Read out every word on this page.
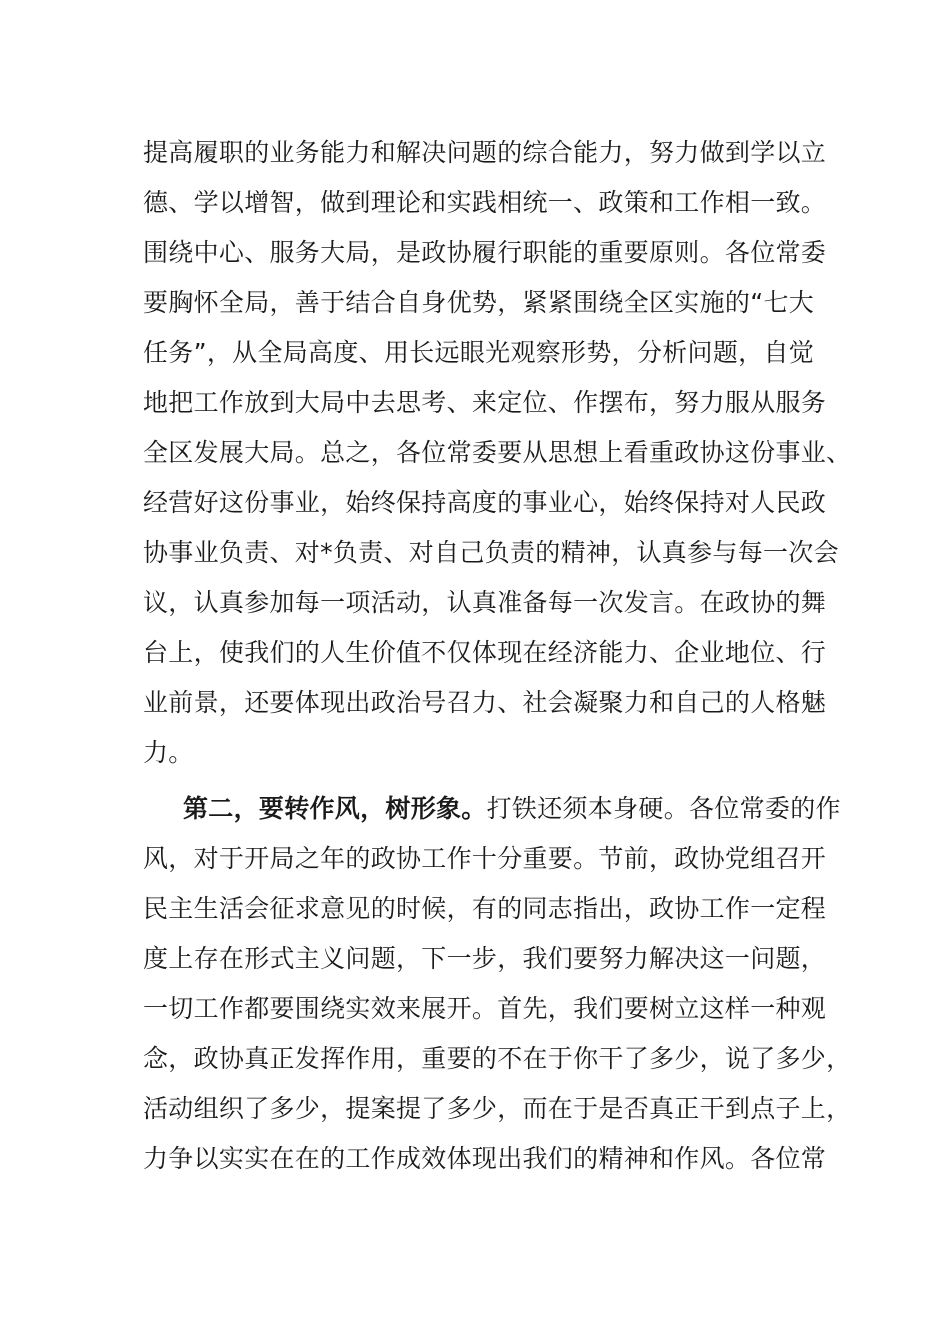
提高履职的业务能力和解决问题的综合能力，努力做到学以立
德、学以增智，做到理论和实践相统一、政策和工作相一致。
围绕中心、服务大局，是政协履行职能的重要原则。各位常委
要胸怀全局，善于结合自身优势，紧紧围绕全区实施的“七大
任务”，从全局高度、用长远眼光观察形势，分析问题，自觉
地把工作放到大局中去思考、来定位、作摆布，努力服从服务
全区发展大局。总之，各位常委要从思想上看重政协这份事业、
经营好这份事业，始终保持高度的事业心，始终保持对人民政
协事业负责、对*负责、对自己负责的精神，认真参与每一次会
议，认真参加每一项活动，认真准备每一次发言。在政协的舞
台上，使我们的人生价值不仅体现在经济能力、企业地位、行
业前景，还要体现出政治号召力、社会凝聚力和自己的人格魅
力。
第二，要转作风，树形象。打铁还须本身硬。各位常委的作
风，对于开局之年的政协工作十分重要。节前，政协党组召开
民主生活会征求意见的时候，有的同志指出，政协工作一定程
度上存在形式主义问题，下一步，我们要努力解决这一问题，
一切工作都要围绕实效来展开。首先，我们要树立这样一种观
念，政协真正发挥作用，重要的不在于你干了多少，说了多少，
活动组织了多少，提案提了多少，而在于是否真正干到点子上，
力争以实实在在的工作成效体现出我们的精神和作风。各位常
